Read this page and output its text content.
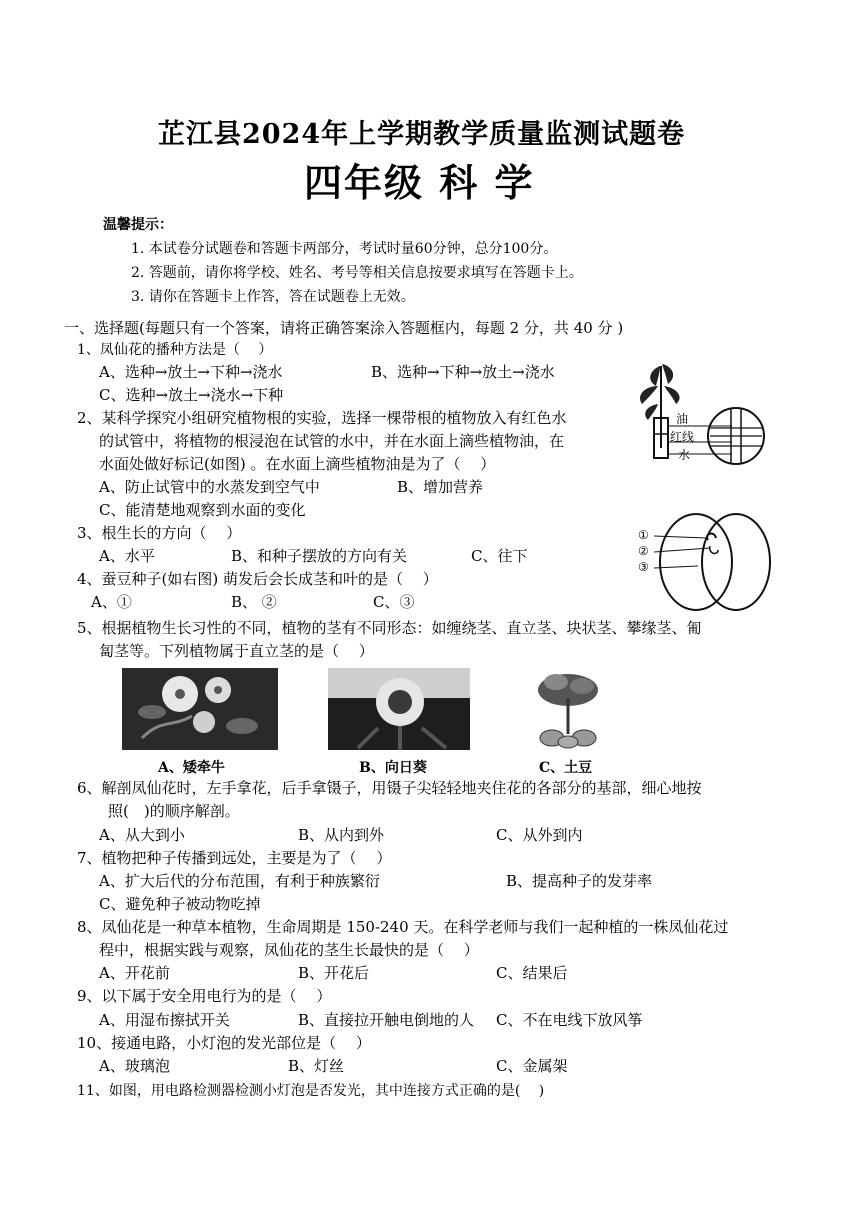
芷江县2024年上学期教学质量监测试题卷
四年级 科 学
温馨提示：
1. 本试卷分试题卷和答题卡两部分，考试时量60分钟，总分100分。
2. 答题前，请你将学校、姓名、考号等相关信息按要求填写在答题卡上。
3. 请你在答题卡上作答，答在试题卷上无效。
一、选择题(每题只有一个答案，请将正确答案涂入答题框内，每题 2 分，共 40 分 )
1、凤仙花的播种方法是（　 ）
A、选种→放土→下种→浇水	B、选种→下种→放土→浇水
C、选种→放土→浇水→下种
2、某科学探究小组研究植物根的实验，选择一棵带根的植物放入有红色水
的试管中，将植物的根浸泡在试管的水中，并在水面上滴些植物油，在
水面处做好标记(如图) 。在水面上滴些植物油是为了（　 ）
A、防止试管中的水蒸发到空气中	B、增加营养
C、能清楚地观察到水面的变化
油
红线
水
3、根生长的方向（　 ）
A、水平	B、和种子摆放的方向有关	C、往下
4、蚕豆种子(如右图) 萌发后会长成茎和叶的是（　 ）
A、①	B、 ②	C、③
①
②
③
5、根据植物生长习性的不同，植物的茎有不同形态：如缠绕茎、直立茎、块状茎、攀缘茎、匍
匐茎等。下列植物属于直立茎的是（　 ）
A、矮牵牛	B、向日葵	C、土豆
6、解剖凤仙花时，左手拿花，后手拿镊子，用镊子尖轻轻地夹住花的各部分的基部，细心地按
照(　)的顺序解剖。
A、从大到小	B、从内到外	C、从外到内
7、植物把种子传播到远处，主要是为了（　 ）
A、扩大后代的分布范围，有利于种族繁衍	B、提高种子的发芽率
C、避免种子被动物吃掉
8、凤仙花是一种草本植物，生命周期是 150-240 天。在科学老师与我们一起种植的一株凤仙花过
程中，根据实践与观察，凤仙花的茎生长最快的是（　 ）
A、开花前	B、开花后	C、结果后
9、以下属于安全用电行为的是（　 ）
A、用湿布擦拭开关	B、直接拉开触电倒地的人 C、不在电线下放风筝
10、接通电路，小灯泡的发光部位是（　 ）
A、玻璃泡	B、灯丝	C、金属架
11、如图，用电路检测器检测小灯泡是否发光，其中连接方式正确的是(　 )
